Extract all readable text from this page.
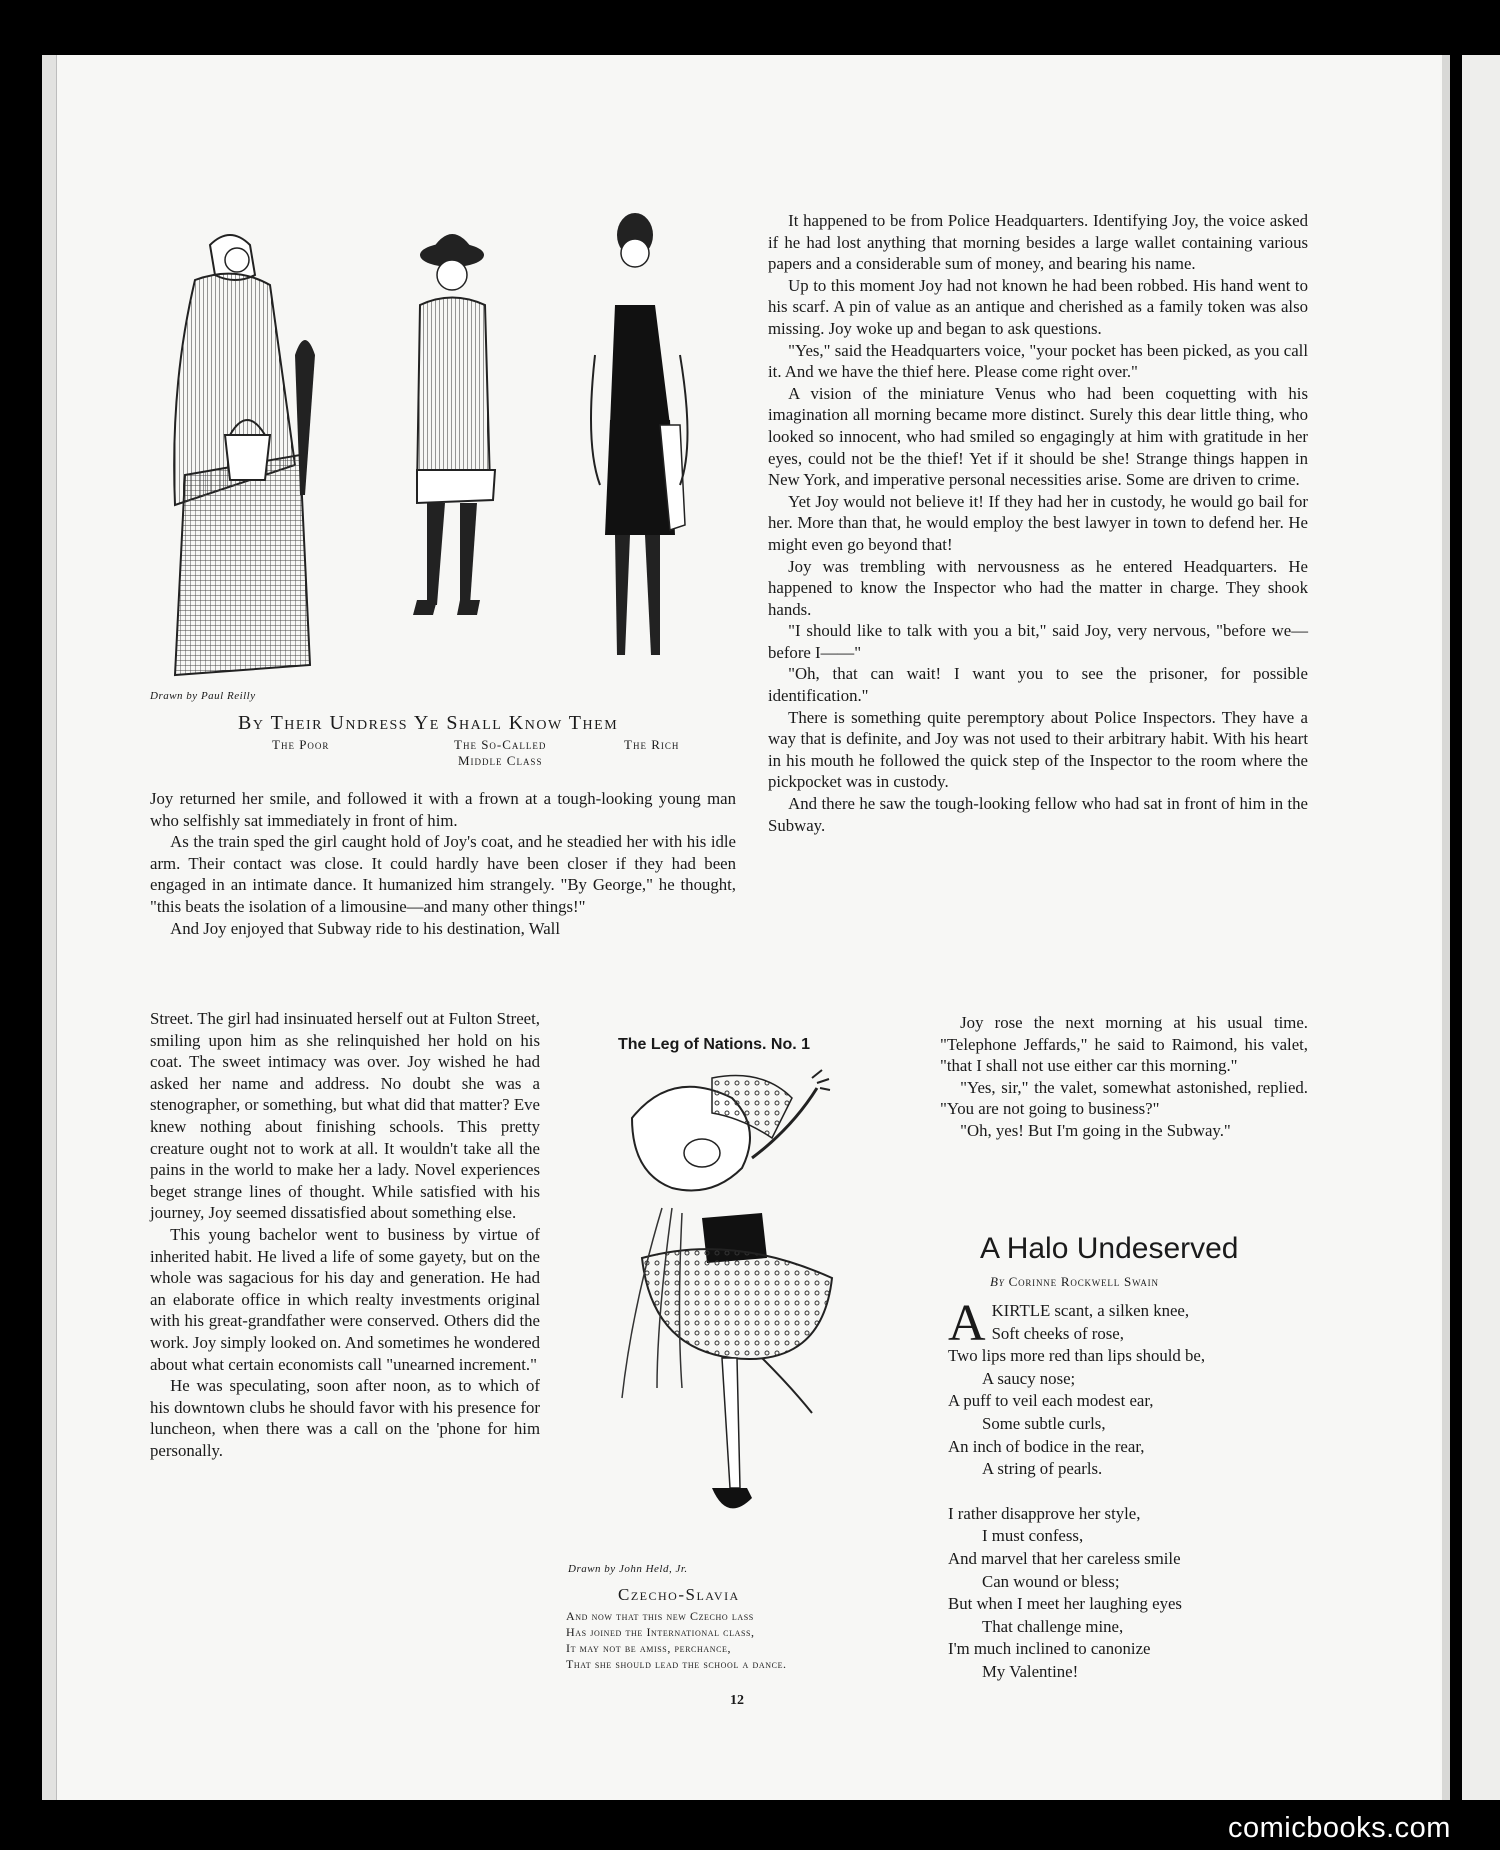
Drawn by Paul Reilly
By Their Undress Ye Shall Know Them
The Poor	The So-Called
Middle Class
The Rich

Joy returned her smile, and followed it with a frown at a tough-looking young man who selfishly sat immediately in front of him.

As the train sped the girl caught hold of Joy's coat, and he steadied her with his idle arm. Their contact was close. It could hardly have been closer if they had been engaged in an intimate dance. It humanized him strangely. "By George," he thought, "this beats the isolation of a limousine—and many other things!"

And Joy enjoyed that Subway ride to his destination, Wall

Street. The girl had insinuated herself out at Fulton Street, smiling upon him as she relinquished her hold on his coat. The sweet intimacy was over. Joy wished he had asked her name and address. No doubt she was a stenographer, or something, but what did that matter? Eve knew nothing about finishing schools. This pretty creature ought not to work at all. It wouldn't take all the pains in the world to make her a lady. Novel experiences beget strange lines of thought. While satisfied with his journey, Joy seemed dissatisfied about something else.

This young bachelor went to business by virtue of inherited habit. He lived a life of some gayety, but on the whole was sagacious for his day and generation. He had an elaborate office in which realty investments original with his great-grandfather were conserved. Others did the work. Joy simply looked on. And sometimes he wondered about what certain economists call "unearned increment."

He was speculating, soon after noon, as to which of his downtown clubs he should favor with his presence for luncheon, when there was a call on the 'phone for him personally.

It happened to be from Police Headquarters. Identifying Joy, the voice asked if he had lost anything that morning besides a large wallet containing various papers and a considerable sum of money, and bearing his name.

Up to this moment Joy had not known he had been robbed. His hand went to his scarf. A pin of value as an antique and cherished as a family token was also missing. Joy woke up and began to ask questions.

"Yes," said the Headquarters voice, "your pocket has been picked, as you call it. And we have the thief here. Please come right over."

A vision of the miniature Venus who had been coquetting with his imagination all morning became more distinct. Surely this dear little thing, who looked so innocent, who had smiled so engagingly at him with gratitude in her eyes, could not be the thief! Yet if it should be she! Strange things happen in New York, and imperative personal necessities arise. Some are driven to crime.

Yet Joy would not believe it! If they had her in custody, he would go bail for her. More than that, he would employ the best lawyer in town to defend her. He might even go beyond that!

Joy was trembling with nervousness as he entered Headquarters. He happened to know the Inspector who had the matter in charge. They shook hands.

"I should like to talk with you a bit," said Joy, very nervous, "before we—before I——"

"Oh, that can wait! I want you to see the prisoner, for possible identification."

There is something quite peremptory about Police Inspectors. They have a way that is definite, and Joy was not used to their arbitrary habit. With his heart in his mouth he followed the quick step of the Inspector to the room where the pickpocket was in custody.

And there he saw the tough-looking fellow who had sat in front of him in the Subway.

Joy rose the next morning at his usual time. "Telephone Jeffards," he said to Raimond, his valet, "that I shall not use either car this morning."

"Yes, sir," the valet, somewhat astonished, replied. "You are not going to business?"

"Oh, yes! But I'm going in the Subway."

The Leg of Nations. No. 1
Drawn by John Held, Jr.
Czecho-Slavia
And now that this new Czecho lass
Has joined the International class,
It may not be amiss, perchance,
That she should lead the school a dance.
A Halo Undeserved
By Corinne Rockwell Swain
A KIRTLE scant, a silken knee,
Soft cheeks of rose,
Two lips more red than lips should be,
A saucy nose;
A puff to veil each modest ear,
Some subtle curls,
An inch of bodice in the rear,
A string of pearls.
I rather disapprove her style,
I must confess,
And marvel that her careless smile
Can wound or bless;
But when I meet her laughing eyes
That challenge mine,
I'm much inclined to canonize
My Valentine!
12
comicbooks.com
